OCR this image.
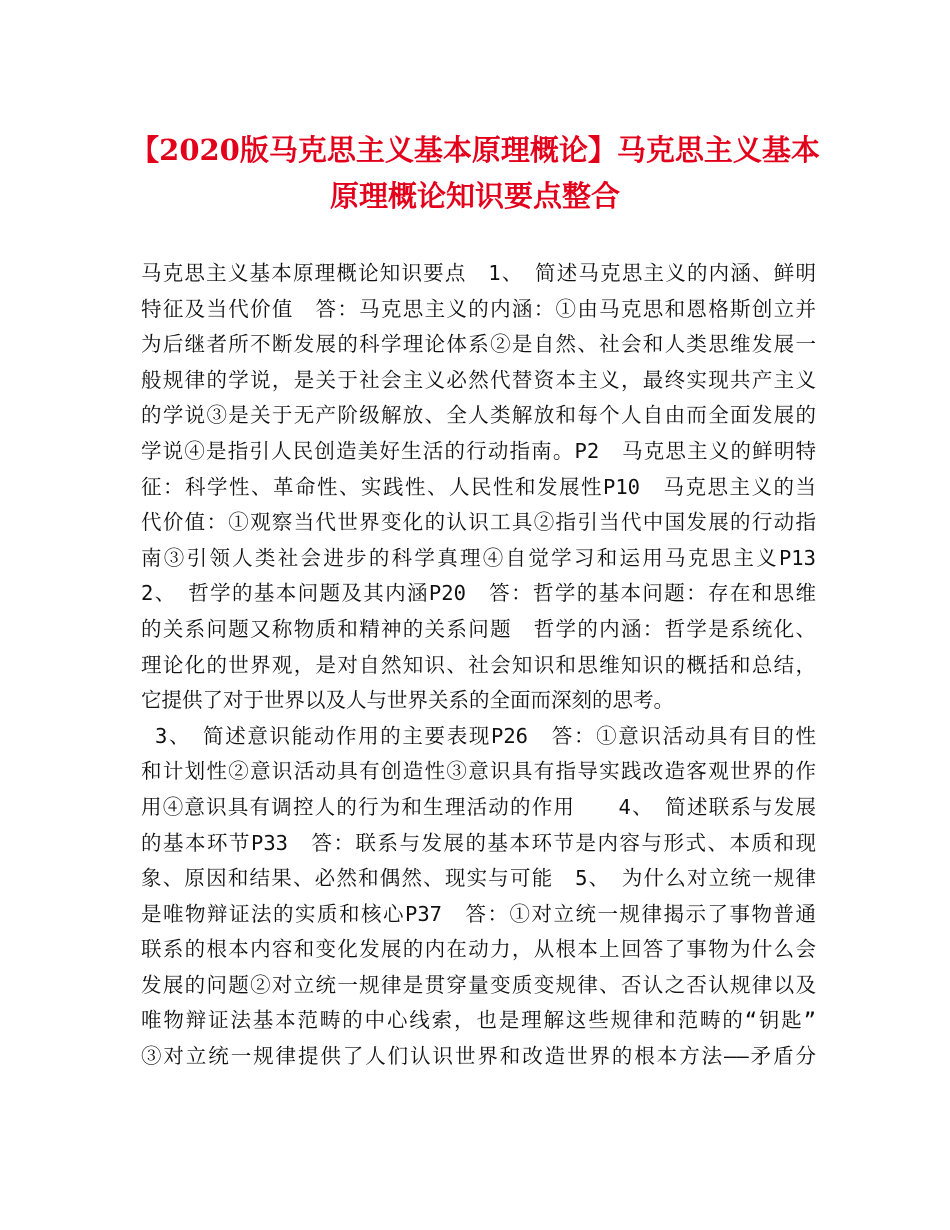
【2020版马克思主义基本原理概论】马克思主义基本
原理概论知识要点整合
马克思主义基本原理概论知识要点　1、　简述马克思主义的内涵、鲜明
特征及当代价值　答：马克思主义的内涵：①由马克思和恩格斯创立并
为后继者所不断发展的科学理论体系②是自然、社会和人类思维发展一
般规律的学说，是关于社会主义必然代替资本主义，最终实现共产主义
的学说③是关于无产阶级解放、全人类解放和每个人自由而全面发展的
学说④是指引人民创造美好生活的行动指南。P2　马克思主义的鲜明特
征：科学性、革命性、实践性、人民性和发展性P10　马克思主义的当
代价值：①观察当代世界变化的认识工具②指引当代中国发展的行动指
南③引领人类社会进步的科学真理④自觉学习和运用马克思主义P13
2、　哲学的基本问题及其内涵P20　答：哲学的基本问题：存在和思维
的关系问题又称物质和精神的关系问题　哲学的内涵：哲学是系统化、
理论化的世界观，是对自然知识、社会知识和思维知识的概括和总结，
它提供了对于世界以及人与世界关系的全面而深刻的思考。
3、　简述意识能动作用的主要表现P26　答：①意识活动具有目的性
和计划性②意识活动具有创造性③意识具有指导实践改造客观世界的作
用④意识具有调控人的行为和生理活动的作用　　4、　简述联系与发展
的基本环节P33　答：联系与发展的基本环节是内容与形式、本质和现
象、原因和结果、必然和偶然、现实与可能　5、　为什么对立统一规律
是唯物辩证法的实质和核心P37　答：①对立统一规律揭示了事物普通
联系的根本内容和变化发展的内在动力，从根本上回答了事物为什么会
发展的问题②对立统一规律是贯穿量变质变规律、否认之否认规律以及
唯物辩证法基本范畴的中心线索，也是理解这些规律和范畴的“钥匙”
③对立统一规律提供了人们认识世界和改造世界的根本方法——矛盾分
